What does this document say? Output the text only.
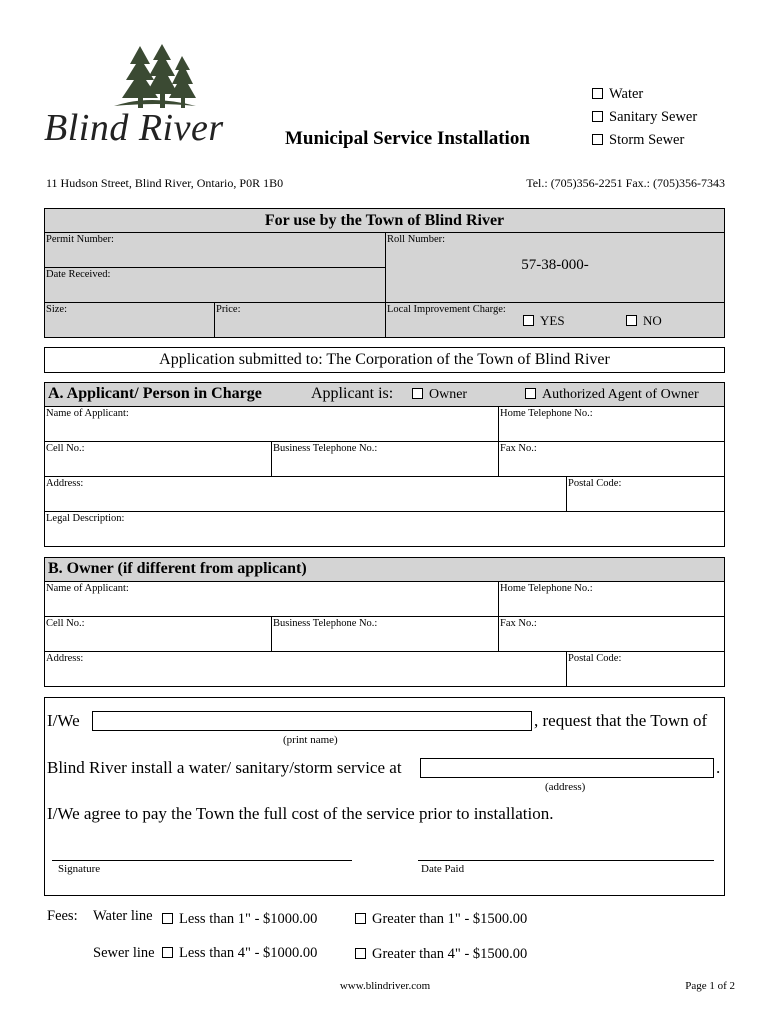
Blind River	Municipal Service Installation
Water
Sanitary Sewer
Storm Sewer
11 Hudson Street, Blind River, Ontario, P0R 1B0	Tel.: (705)356-2251 Fax.: (705)356-7343
For use by the Town of Blind River
Permit Number:
Date Received:
Roll Number:
57-38-000-
Size:	Price:	Local Improvement Charge:
YES	NO
Application submitted to: The Corporation of the Town of Blind River
A. Applicant/ Person in Charge	Applicant is:	Owner	Authorized Agent of Owner
Name of Applicant:	Home Telephone No.:
Cell No.:	Business Telephone No.:	Fax No.:
Address:	Postal Code:
Legal Description:
B. Owner (if different from applicant)
Name of Applicant:	Home Telephone No.:
Cell No.:	Business Telephone No.:	Fax No.:
Address:	Postal Code:
I/We	, request that the Town of
(print name)
Blind River install a water/ sanitary/storm service at	.
(address)
I/We agree to pay the Town the full cost of the service prior to installation.
Signature	Date Paid
Fees: Water line	Less than 1" - $1000.00	Greater than 1" - $1500.00
Sewer line	Less than 4" - $1000.00	Greater than 4" - $1500.00
www.blindriver.com	Page 1 of 2
